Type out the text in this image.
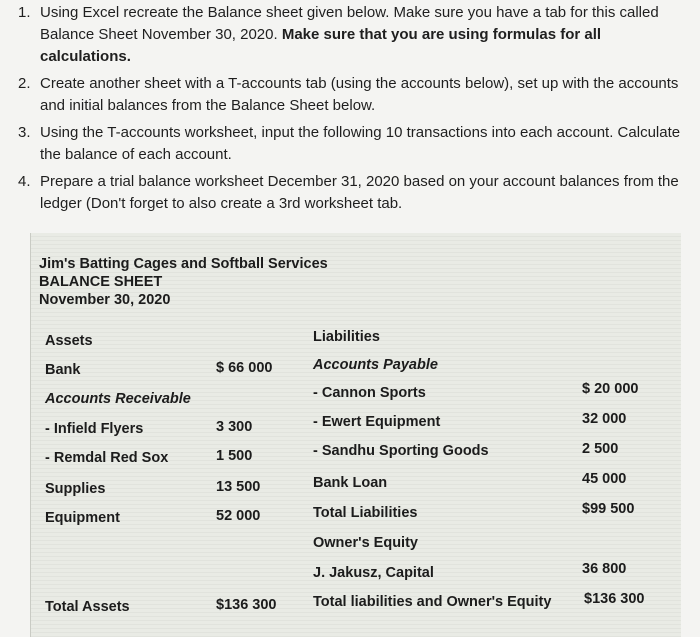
1. Using Excel recreate the Balance sheet given below. Make sure you have a tab for this called Balance Sheet November 30, 2020. Make sure that you are using formulas for all calculations.
2. Create another sheet with a T-accounts tab (using the accounts below), set up with the accounts and initial balances from the Balance Sheet below.
3. Using the T-accounts worksheet, input the following 10 transactions into each account. Calculate the balance of each account.
4. Prepare a trial balance worksheet December 31, 2020 based on your account balances from the ledger (Don't forget to also create a 3rd worksheet tab.
Jim's Batting Cages and Softball Services
BALANCE SHEET
November 30, 2020
Assets
Bank	$ 66 000
Accounts Receivable
- Infield Flyers	3 300
- Remdal Red Sox	1 500
Supplies	13 500
Equipment	52 000
Total Assets	$136 300
Liabilities
Accounts Payable
- Cannon Sports	$ 20 000
- Ewert Equipment	32 000
- Sandhu Sporting Goods	2 500
Bank Loan	45 000
Total Liabilities	$99 500
Owner's Equity
J. Jakusz, Capital	36 800
Total liabilities and Owner's Equity $136 300
